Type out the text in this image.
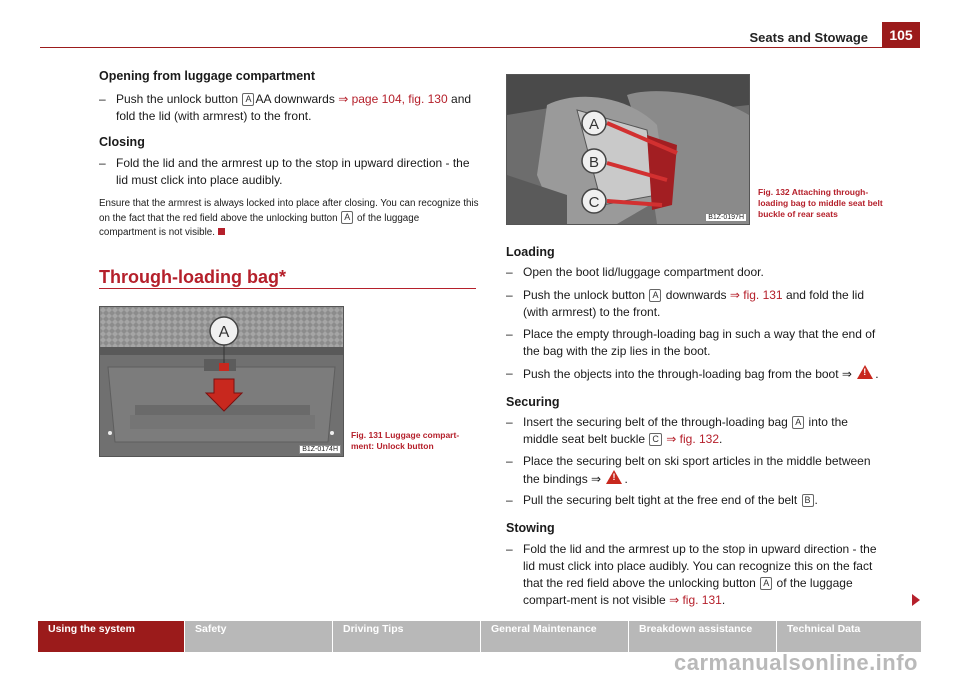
Seats and Stowage	105
Opening from luggage compartment
– Push the unlock button A AA downwards ⇒ page 104, fig. 130 and fold the lid (with armrest) to the front.
Closing
– Fold the lid and the armrest up to the stop in upward direction - the lid must click into place audibly.
Ensure that the armrest is always locked into place after closing. You can recognize this on the fact that the red field above the unlocking button A of the luggage compartment is not visible.
Through-loading bag*
A
B1Z-0174H
Fig. 131 Luggage compart-ment: Unlock button
A
B
C
B1Z-0197H
Fig. 132 Attaching through-loading bag to middle seat belt buckle of rear seats
Loading
– Open the boot lid/luggage compartment door.
– Push the unlock button A downwards ⇒ fig. 131 and fold the lid (with armrest) to the front.
– Place the empty through-loading bag in such a way that the end of the bag with the zip lies in the boot.
– Push the objects into the through-loading bag from the boot ⇒ ! .
Securing
– Insert the securing belt of the through-loading bag A into the middle seat belt buckle C ⇒ fig. 132.
– Place the securing belt on ski sport articles in the middle between the bindings ⇒ ! .
– Pull the securing belt tight at the free end of the belt B .
Stowing
– Fold the lid and the armrest up to the stop in upward direction - the lid must click into place audibly. You can recognize this on the fact that the red field above the unlocking button A of the luggage compart-ment is not visible ⇒ fig. 131.
Using the system	Safety	Driving Tips	General Maintenance	Breakdown assistance	Technical Data
carmanualsonline.info
